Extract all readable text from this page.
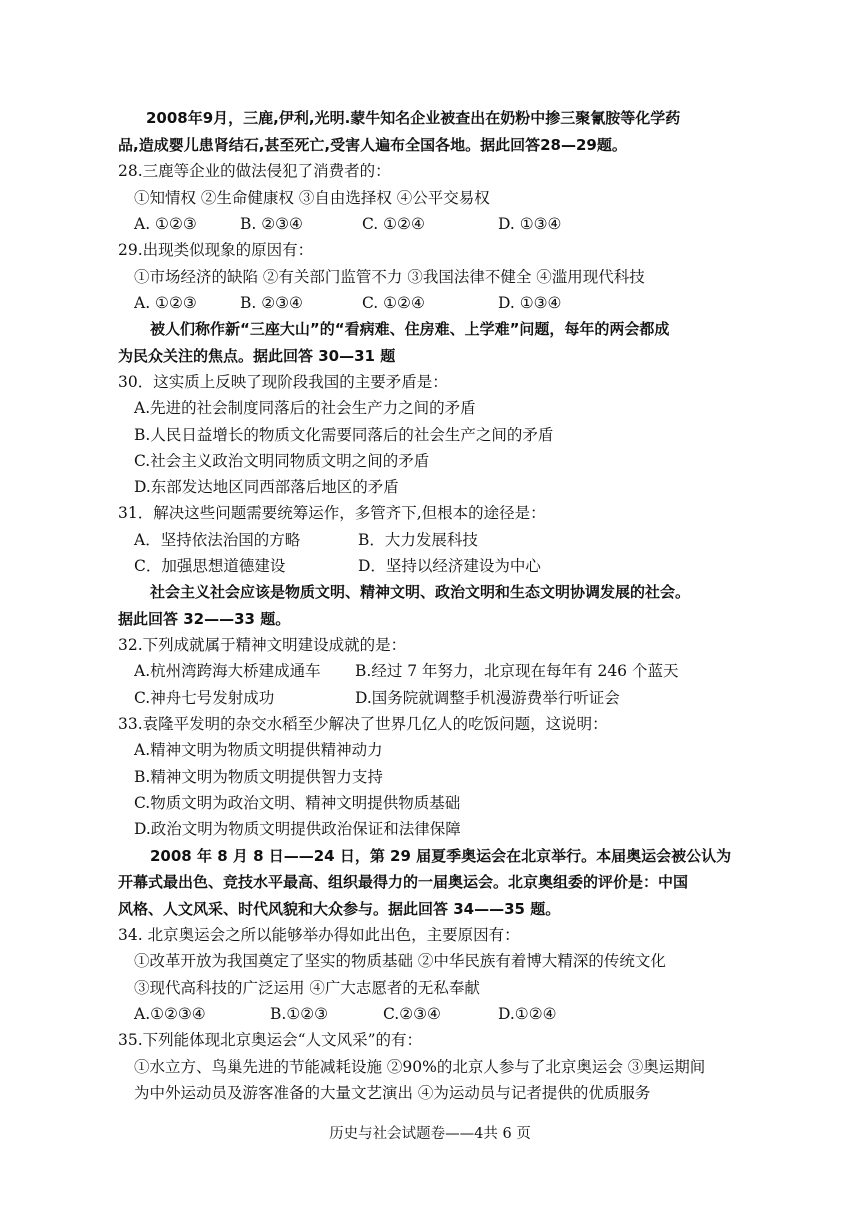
2008年9月，三鹿,伊利,光明.蒙牛知名企业被查出在奶粉中掺三聚氰胺等化学药
品,造成婴儿患肾结石,甚至死亡,受害人遍布全国各地。据此回答28—29题。
28.三鹿等企业的做法侵犯了消费者的：
①知情权 ②生命健康权 ③自由选择权 ④公平交易权
A. ①②③	B. ②③④	C. ①②④	D. ①③④
29.出现类似现象的原因有：
①市场经济的缺陷 ②有关部门监管不力 ③我国法律不健全 ④滥用现代科技
A. ①②③	B. ②③④	C. ①②④	D. ①③④
被人们称作新“三座大山”的“看病难、住房难、上学难”问题，每年的两会都成
为民众关注的焦点。据此回答 30—31 题
30．这实质上反映了现阶段我国的主要矛盾是：
A.先进的社会制度同落后的社会生产力之间的矛盾
B.人民日益增长的物质文化需要同落后的社会生产之间的矛盾
C.社会主义政治文明同物质文明之间的矛盾
D.东部发达地区同西部落后地区的矛盾
31．解决这些问题需要统筹运作，多管齐下,但根本的途径是：
A．坚持依法治国的方略	B．大力发展科技
C．加强思想道德建设	D．坚持以经济建设为中心
社会主义社会应该是物质文明、精神文明、政治文明和生态文明协调发展的社会。
据此回答 32——33 题。
32.下列成就属于精神文明建设成就的是：
A.杭州湾跨海大桥建成通车 B.经过 7 年努力，北京现在每年有 246 个蓝天
C.神舟七号发射成功	D.国务院就调整手机漫游费举行听证会
33.袁隆平发明的杂交水稻至少解决了世界几亿人的吃饭问题，这说明：
A.精神文明为物质文明提供精神动力
B.精神文明为物质文明提供智力支持
C.物质文明为政治文明、精神文明提供物质基础
D.政治文明为物质文明提供政治保证和法律保障
2008 年 8 月 8 日——24 日，第 29 届夏季奥运会在北京举行。本届奥运会被公认为
开幕式最出色、竞技水平最高、组织最得力的一届奥运会。北京奥组委的评价是：中国
风格、人文风采、时代风貌和大众参与。据此回答 34——35 题。
34. 北京奥运会之所以能够举办得如此出色，主要原因有：
①改革开放为我国奠定了坚实的物质基础 ②中华民族有着博大精深的传统文化
③现代高科技的广泛运用 ④广大志愿者的无私奉献
A.①②③④	B.①②③	C.②③④	D.①②④
35.下列能体现北京奥运会“人文风采”的有：
①水立方、鸟巢先进的节能减耗设施 ②90%的北京人参与了北京奥运会 ③奥运期间
为中外运动员及游客准备的大量文艺演出 ④为运动员与记者提供的优质服务
历史与社会试题卷——4共 6 页
